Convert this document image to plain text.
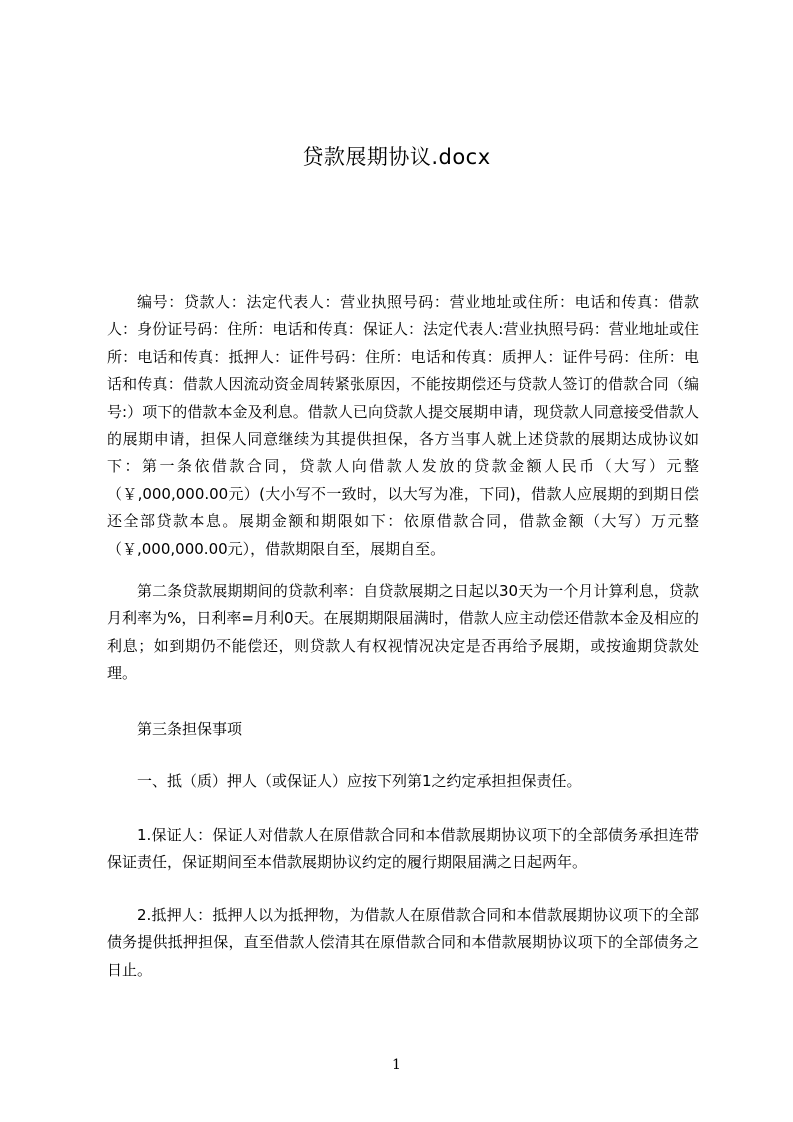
贷款展期协议.docx

编号：贷款人：法定代表人：营业执照号码：营业地址或住所：电话和传真：借款人：身份证号码：住所：电话和传真：保证人：法定代表人:营业执照号码：营业地址或住所：电话和传真：抵押人：证件号码：住所：电话和传真：质押人：证件号码：住所：电话和传真：借款人因流动资金周转紧张原因，不能按期偿还与贷款人签订的借款合同（编号:）项下的借款本金及利息。借款人已向贷款人提交展期申请，现贷款人同意接受借款人的展期申请，担保人同意继续为其提供担保，各方当事人就上述贷款的展期达成协议如下：第一条依借款合同，贷款人向借款人发放的贷款金额人民币（大写）元整（￥,000,000.00元）(大小写不一致时，以大写为准，下同)，借款人应展期的到期日偿还全部贷款本息。展期金额和期限如下：依原借款合同，借款金额（大写）万元整（￥,000,000.00元），借款期限自至，展期自至。

第二条贷款展期期间的贷款利率：自贷款展期之日起以30天为一个月计算利息，贷款月利率为%，日利率=月利0天。在展期期限届满时，借款人应主动偿还借款本金及相应的利息；如到期仍不能偿还，则贷款人有权视情况决定是否再给予展期，或按逾期贷款处理。

第三条担保事项

一、抵（质）押人（或保证人）应按下列第1之约定承担担保责任。

1.保证人：保证人对借款人在原借款合同和本借款展期协议项下的全部债务承担连带保证责任，保证期间至本借款展期协议约定的履行期限届满之日起两年。

2.抵押人：抵押人以为抵押物，为借款人在原借款合同和本借款展期协议项下的全部债务提供抵押担保，直至借款人偿清其在原借款合同和本借款展期协议项下的全部债务之日止。

1
